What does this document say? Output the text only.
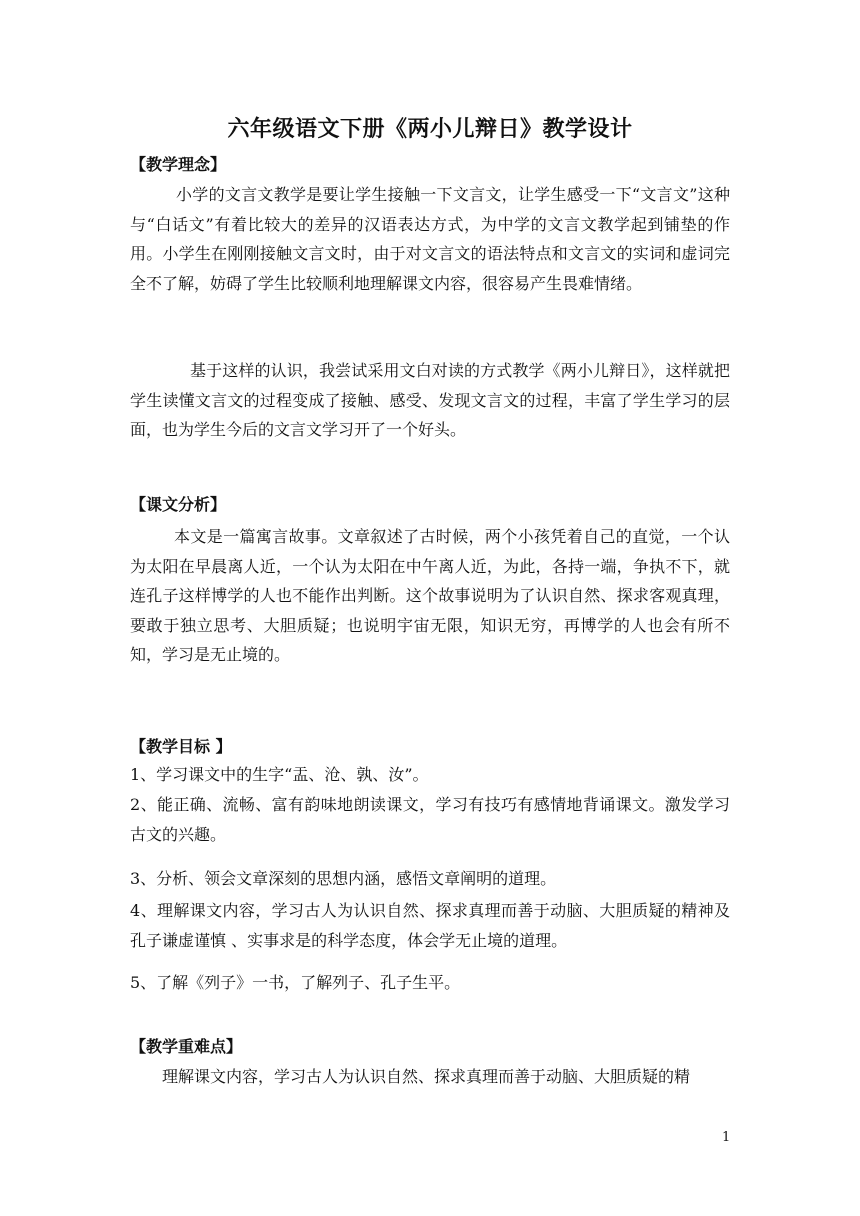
六年级语文下册《两小儿辩日》教学设计
【教学理念】
小学的文言文教学是要让学生接触一下文言文，让学生感受一下“文言文”这种与“白话文”有着比较大的差异的汉语表达方式，为中学的文言文教学起到铺垫的作用。小学生在刚刚接触文言文时，由于对文言文的语法特点和文言文的实词和虚词完全不了解，妨碍了学生比较顺利地理解课文内容，很容易产生畏难情绪。
基于这样的认识，我尝试采用文白对读的方式教学《两小儿辩日》，这样就把学生读懂文言文的过程变成了接触、感受、发现文言文的过程，丰富了学生学习的层面，也为学生今后的文言文学习开了一个好头。
【课文分析】
本文是一篇寓言故事。文章叙述了古时候，两个小孩凭着自己的直觉，一个认为太阳在早晨离人近，一个认为太阳在中午离人近，为此，各持一端，争执不下，就连孔子这样博学的人也不能作出判断。这个故事说明为了认识自然、探求客观真理，要敢于独立思考、大胆质疑；也说明宇宙无限，知识无穷，再博学的人也会有所不知，学习是无止境的。
【教学目标 】
1、学习课文中的生字“盂、沧、孰、汝”。
2、能正确、流畅、富有韵味地朗读课文，学习有技巧有感情地背诵课文。激发学习古文的兴趣。
3、分析、领会文章深刻的思想内涵，感悟文章阐明的道理。
4、理解课文内容，学习古人为认识自然、探求真理而善于动脑、大胆质疑的精神及孔子谦虚谨慎 、实事求是的科学态度，体会学无止境的道理。
5、了解《列子》一书，了解列子、孔子生平。
【教学重难点】
理解课文内容，学习古人为认识自然、探求真理而善于动脑、大胆质疑的精
1
